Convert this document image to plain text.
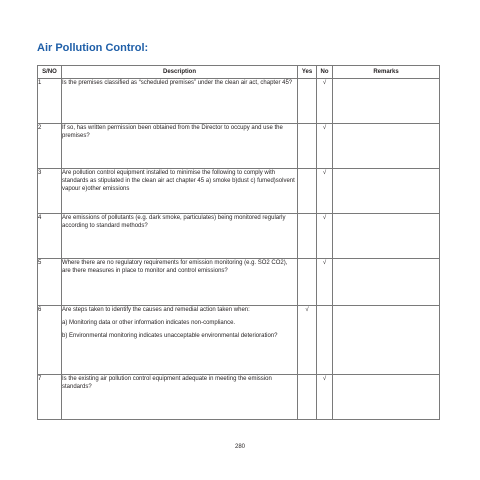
Air Pollution Control:
S/NO	Description	Yes	No	Remarks
1	Is the premises classified as “scheduled premises” under the clean air act, chapter 45?		√	
2	If so, has written permission been obtained from the Director to occupy and use the premises?		√	
3	Are pollution control equipment installed to minimise the following to comply with standards as stipulated in the clean air act chapter 45 a) smoke b)dust c) fumed)solvent vapour e)other emissions		√	
4	Are emissions of pollutants (e.g. dark smoke, particulates) being monitored regularly according to standard methods?		√	
5	Where there are no regulatory requirements for emission monitoring (e.g. SO2 CO2), are there measures in place to monitor and control emissions?		√	
6	Are steps taken to identify the causes and remedial action taken when:
a) Monitoring data or other information indicates non-compliance.
b) Environmental monitoring indicates unacceptable environmental deterioration?	√		
7	Is the existing air pollution control equipment adequate in meeting the emission standards?		√	
280
